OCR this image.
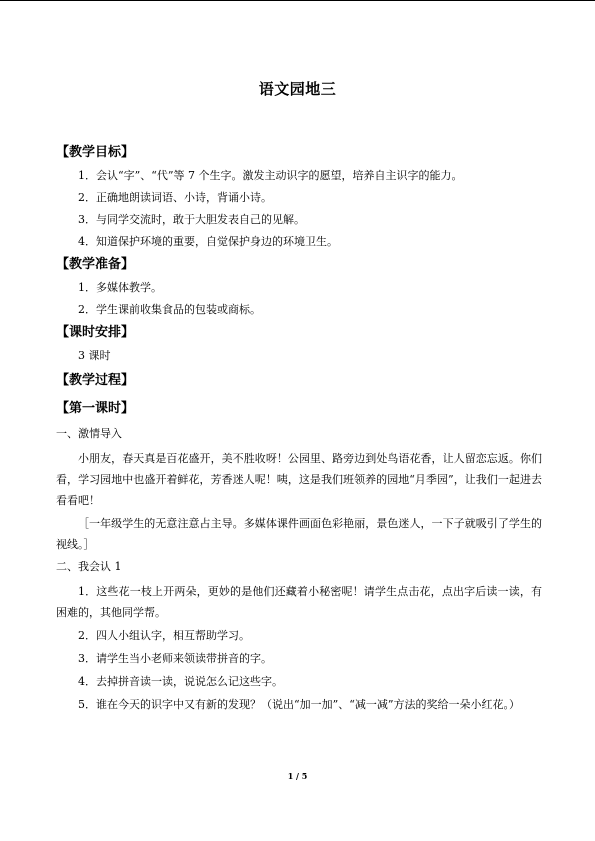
语文园地三
【教学目标】
1．会认“字”、“代”等 7 个生字。激发主动识字的愿望，培养自主识字的能力。
2．正确地朗读词语、小诗，背诵小诗。
3．与同学交流时，敢于大胆发表自己的见解。
4．知道保护环境的重要，自觉保护身边的环境卫生。
【教学准备】
1．多媒体教学。
2．学生课前收集食品的包装或商标。
【课时安排】
3 课时
【教学过程】
【第一课时】
一、激情导入
小朋友，春天真是百花盛开，美不胜收呀！公园里、路旁边到处鸟语花香，让人留恋忘返。你们看，学习园地中也盛开着鲜花，芳香迷人呢！咦，这是我们班领养的园地“月季园”，让我们一起进去看看吧！
［一年级学生的无意注意占主导。多媒体课件画面色彩艳丽，景色迷人，一下子就吸引了学生的视线。］
二、我会认 1
1．这些花一枝上开两朵，更妙的是他们还藏着小秘密呢！请学生点击花，点出字后读一读，有困难的，其他同学帮。
2．四人小组认字，相互帮助学习。
3．请学生当小老师来领读带拼音的字。
4．去掉拼音读一读，说说怎么记这些字。
5．谁在今天的识字中又有新的发现？（说出“加一加”、“减一减”方法的奖给一朵小红花。）
1 / 5
